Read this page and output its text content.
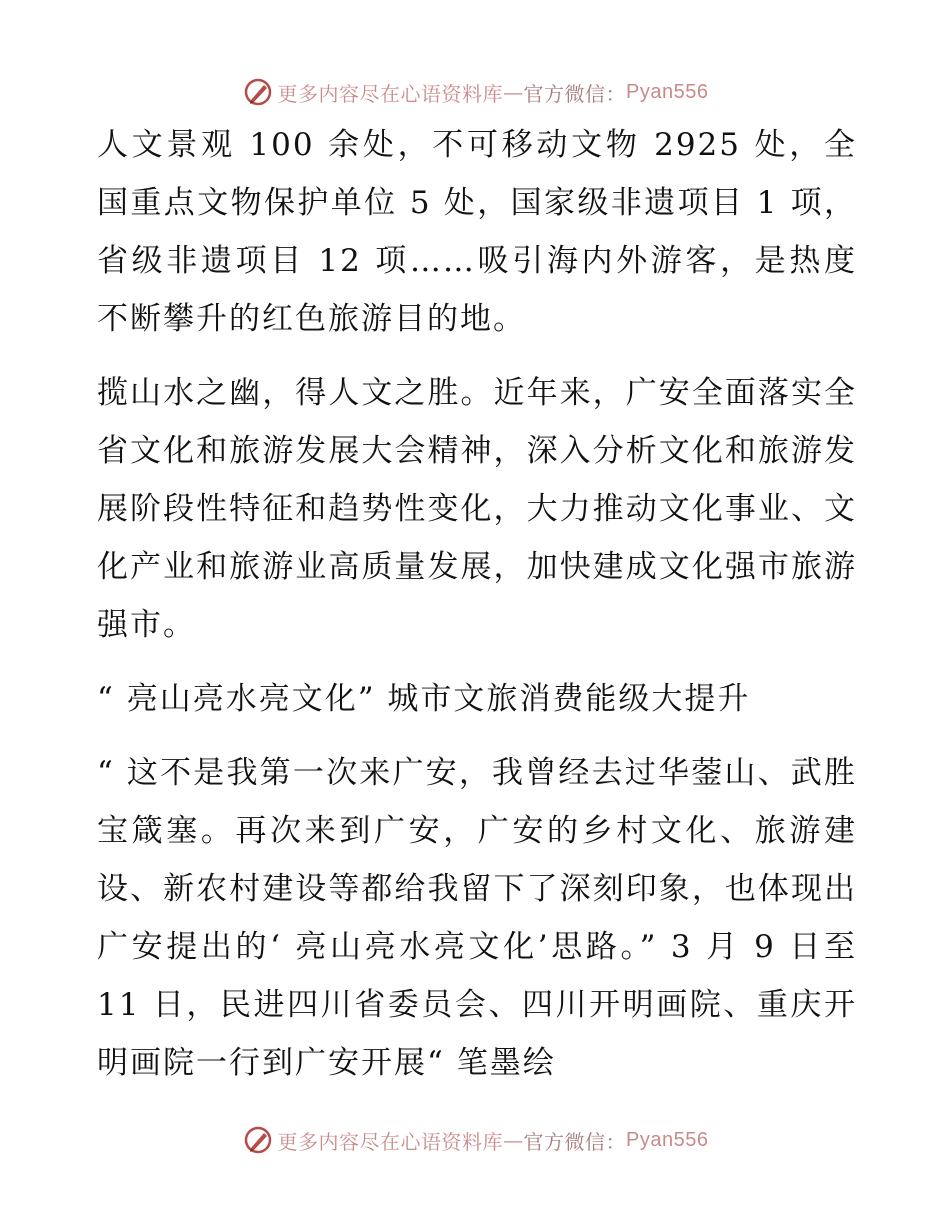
更多内容尽在心语资料库 — 官方微信： Pyan556

人文景观 100 余处，不可移动文物 2925 处，全国重点文物保护单位 5 处，国家级非遗项目 1 项，省级非遗项目 12 项……吸引海内外游客，是热度不断攀升的红色旅游目的地。

揽山水之幽，得人文之胜。近年来，广安全面落实全省文化和旅游发展大会精神，深入分析文化和旅游发展阶段性特征和趋势性变化，大力推动文化事业、文化产业和旅游业高质量发展，加快建成文化强市旅游强市。

“ 亮山亮水亮文化” 城市文旅消费能级大提升

“ 这不是我第一次来广安，我曾经去过华蓥山、武胜宝箴塞。再次来到广安，广安的乡村文化、旅游建设、新农村建设等都给我留下了深刻印象，也体现出广安提出的‘ 亮山亮水亮文化’思路。” 3 月 9 日至 11 日，民进四川省委员会、四川开明画院、重庆开明画院一行到广安开展“ 笔墨绘

更多内容尽在心语资料库 — 官方微信： Pyan556
